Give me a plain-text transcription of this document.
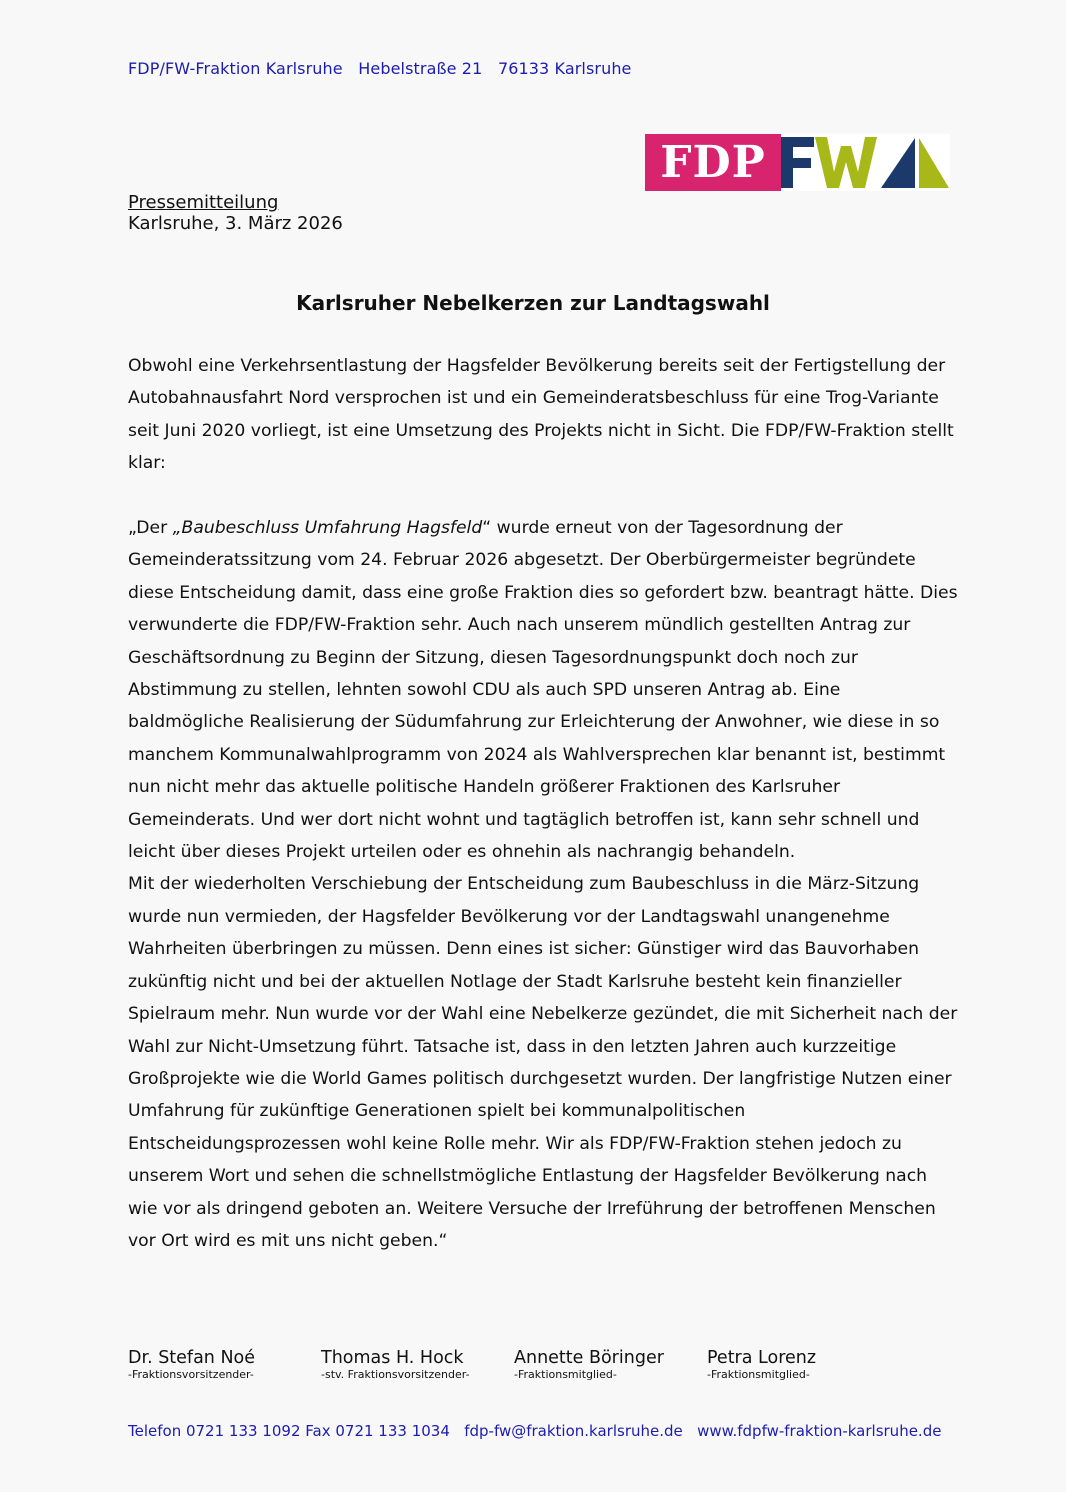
FDP/FW-Fraktion Karlsruhe Hebelstraße 21 76133 Karlsruhe
FDP
Pressemitteilung
Karlsruhe, 3. März 2026
Karlsruher Nebelkerzen zur Landtagswahl

Obwohl eine Verkehrsentlastung der Hagsfelder Bevölkerung bereits seit der Fertigstellung der Autobahnausfahrt Nord versprochen ist und ein Gemeinderatsbeschluss für eine Trog-Variante seit Juni 2020 vorliegt, ist eine Umsetzung des Projekts nicht in Sicht. Die FDP/FW-Fraktion stellt klar:

„Der „Baubeschluss Umfahrung Hagsfeld“ wurde erneut von der Tagesordnung der Gemeinderatssitzung vom 24. Februar 2026 abgesetzt. Der Oberbürgermeister begründete diese Entscheidung damit, dass eine große Fraktion dies so gefordert bzw. beantragt hätte. Dies verwunderte die FDP/FW-Fraktion sehr. Auch nach unserem mündlich gestellten Antrag zur Geschäftsordnung zu Beginn der Sitzung, diesen Tagesordnungspunkt doch noch zur Abstimmung zu stellen, lehnten sowohl CDU als auch SPD unseren Antrag ab. Eine baldmögliche Realisierung der Südumfahrung zur Erleichterung der Anwohner, wie diese in so manchem Kommunalwahlprogramm von 2024 als Wahlversprechen klar benannt ist, bestimmt nun nicht mehr das aktuelle politische Handeln größerer Fraktionen des Karlsruher Gemeinderats. Und wer dort nicht wohnt und tagtäglich betroffen ist, kann sehr schnell und leicht über dieses Projekt urteilen oder es ohnehin als nachrangig behandeln.

Mit der wiederholten Verschiebung der Entscheidung zum Baubeschluss in die März-Sitzung wurde nun vermieden, der Hagsfelder Bevölkerung vor der Landtagswahl unangenehme Wahrheiten überbringen zu müssen. Denn eines ist sicher: Günstiger wird das Bauvorhaben zukünftig nicht und bei der aktuellen Notlage der Stadt Karlsruhe besteht kein finanzieller Spielraum mehr. Nun wurde vor der Wahl eine Nebelkerze gezündet, die mit Sicherheit nach der Wahl zur Nicht-Umsetzung führt. Tatsache ist, dass in den letzten Jahren auch kurzzeitige Großprojekte wie die World Games politisch durchgesetzt wurden. Der langfristige Nutzen einer Umfahrung für zukünftige Generationen spielt bei kommunalpolitischen Entscheidungsprozessen wohl keine Rolle mehr. Wir als FDP/FW-Fraktion stehen jedoch zu unserem Wort und sehen die schnellstmögliche Entlastung der Hagsfelder Bevölkerung nach wie vor als dringend geboten an. Weitere Versuche der Irreführung der betroffenen Menschen vor Ort wird es mit uns nicht geben.“

Dr. Stefan Noé
-Fraktionsvorsitzender-
Thomas H. Hock
-stv. Fraktionsvorsitzender-
Annette Böringer
-Fraktionsmitglied-
Petra Lorenz
-Fraktionsmitglied-
Telefon 0721 133 1092 Fax 0721 133 1034 fdp-fw@fraktion.karlsruhe.de www.fdpfw-fraktion-karlsruhe.de
